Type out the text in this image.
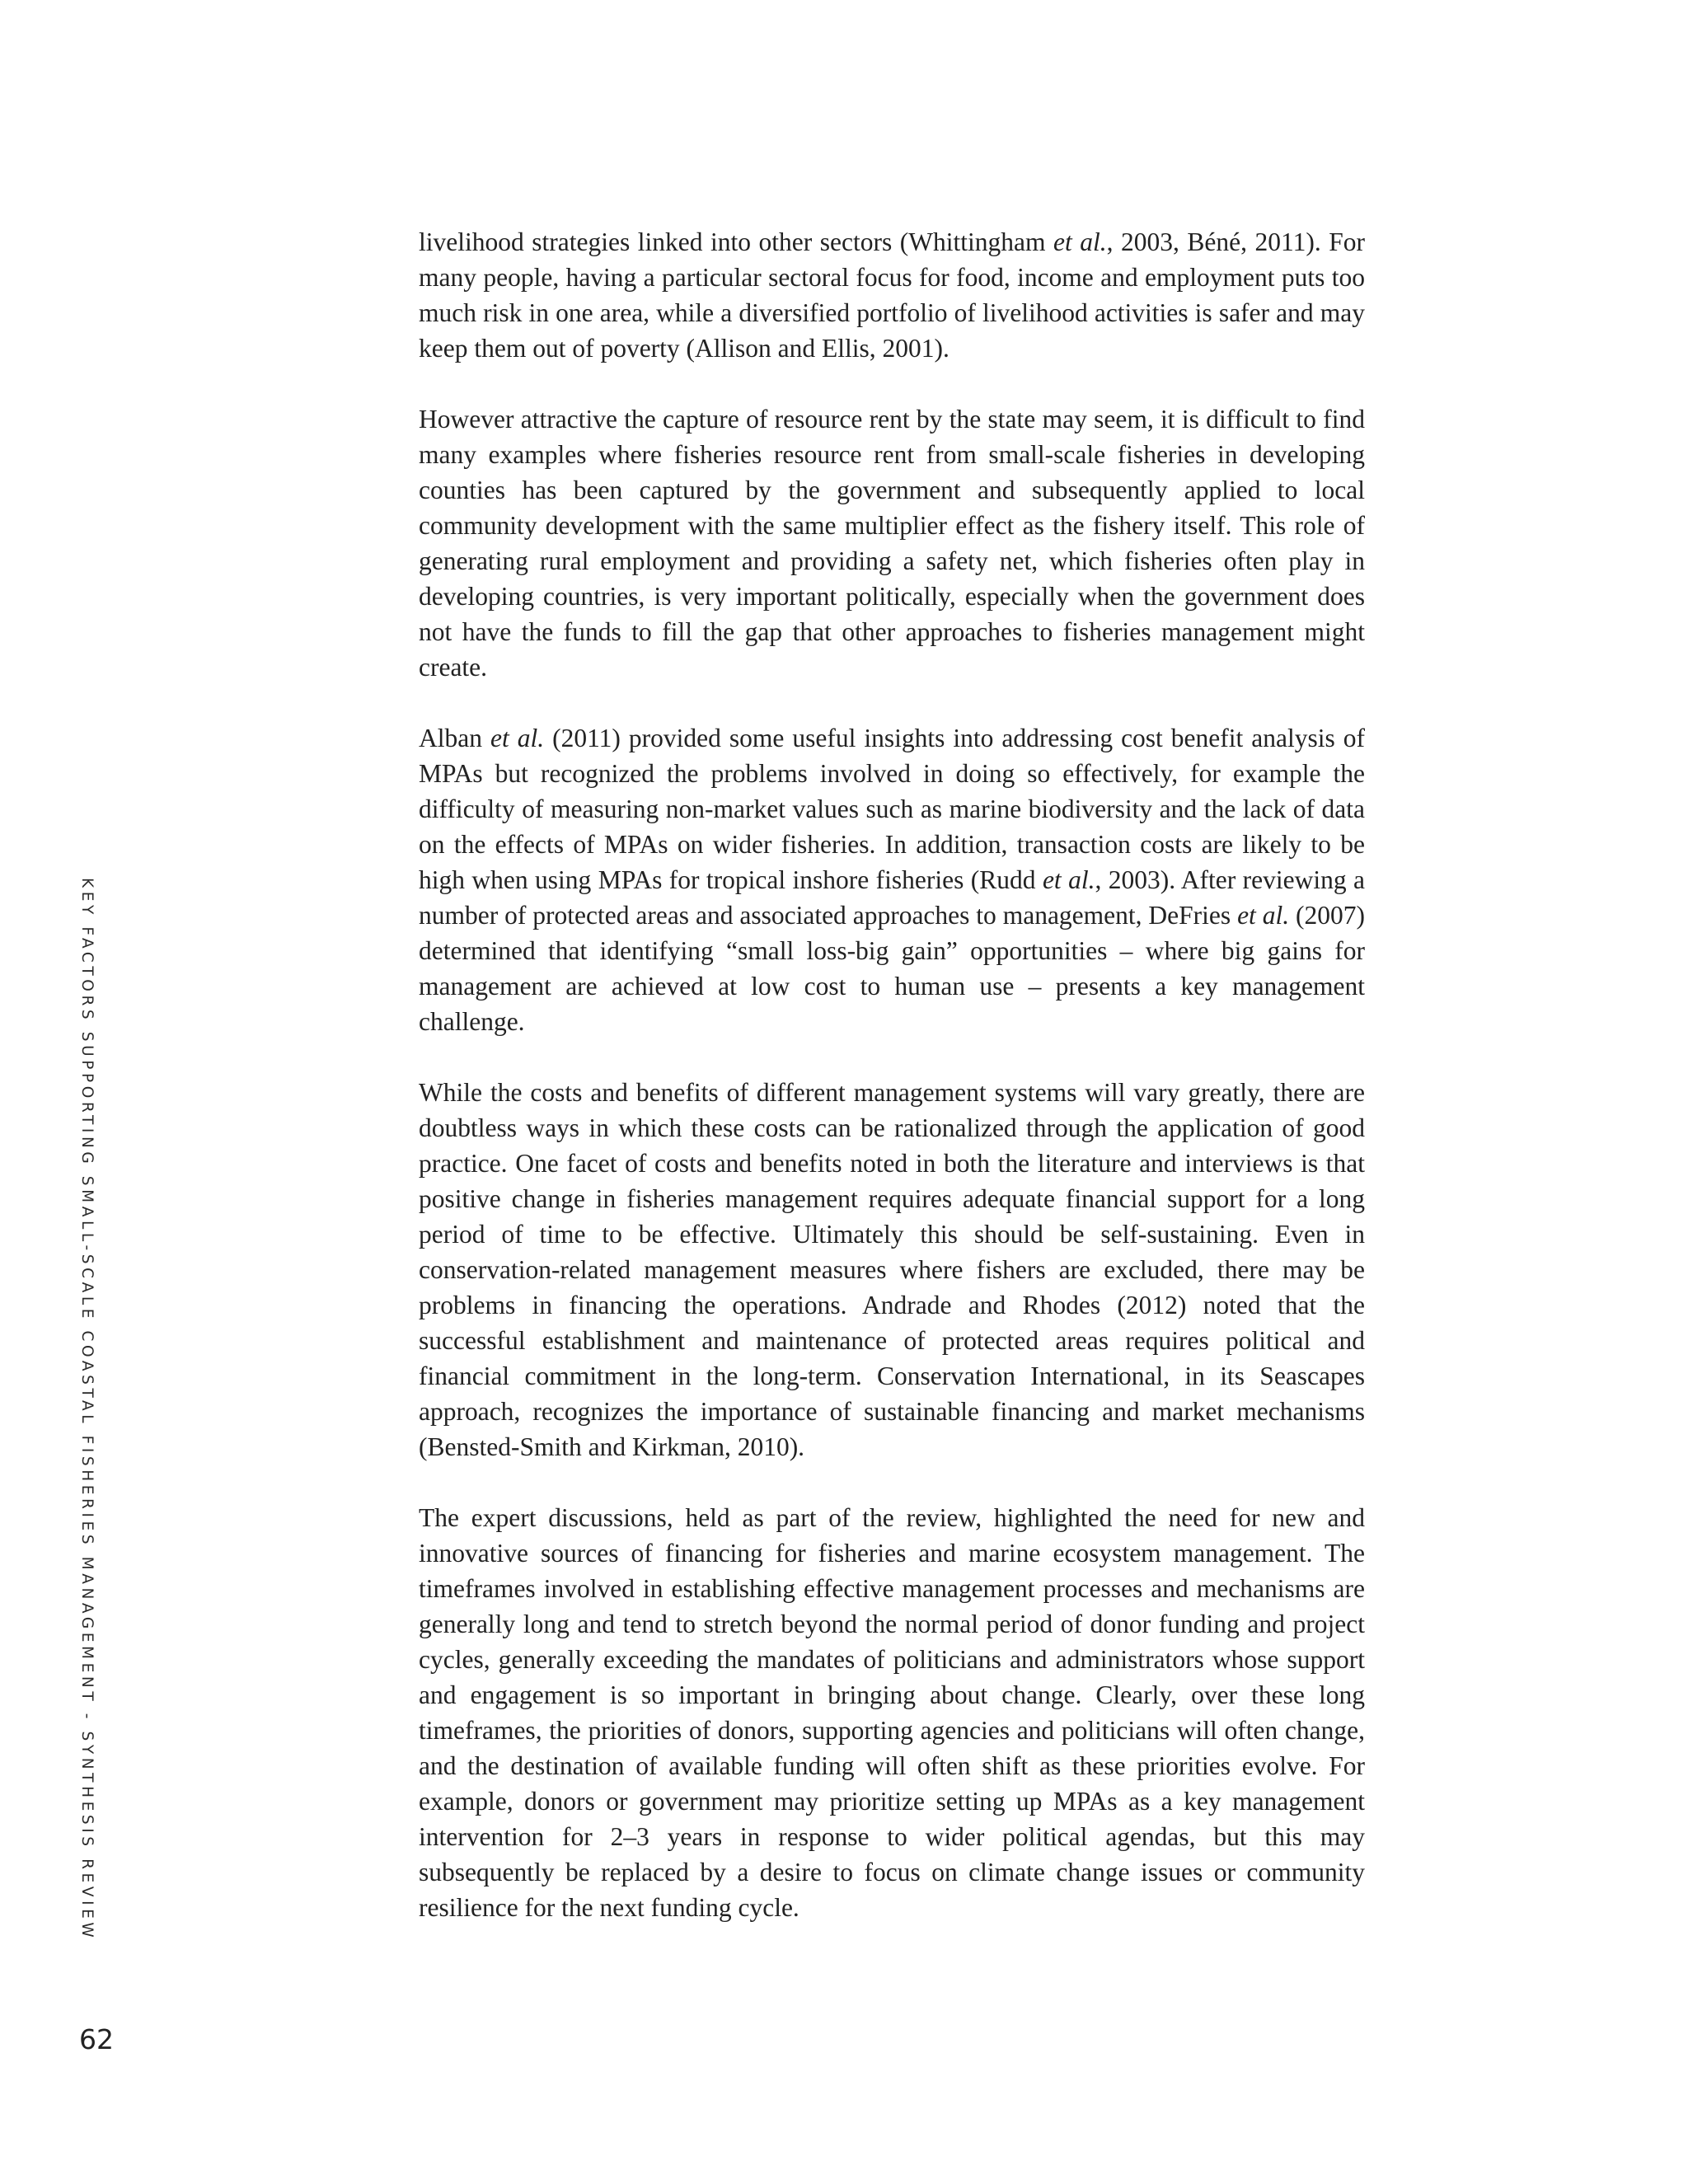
KEY FACTORS SUPPORTING SMALL-SCALE COASTAL FISHERIES MANAGEMENT - SYNTHESIS REVIEW

livelihood strategies linked into other sectors (Whittingham et al., 2003, Béné, 2011). For many people, having a particular sectoral focus for food, income and employment puts too much risk in one area, while a diversified portfolio of livelihood activities is safer and may keep them out of poverty (Allison and Ellis, 2001).

However attractive the capture of resource rent by the state may seem, it is difficult to find many examples where fisheries resource rent from small-scale fisheries in developing counties has been captured by the government and subsequently applied to local community development with the same multiplier effect as the fishery itself. This role of generating rural employment and providing a safety net, which fisheries often play in developing countries, is very important politically, especially when the government does not have the funds to fill the gap that other approaches to fisheries management might create.

Alban et al. (2011) provided some useful insights into addressing cost benefit analysis of MPAs but recognized the problems involved in doing so effectively, for example the difficulty of measuring non-market values such as marine biodiversity and the lack of data on the effects of MPAs on wider fisheries. In addition, transaction costs are likely to be high when using MPAs for tropical inshore fisheries (Rudd et al., 2003). After reviewing a number of protected areas and associated approaches to management, DeFries et al. (2007) determined that identifying “small loss-big gain” opportunities – where big gains for management are achieved at low cost to human use – presents a key management challenge.

While the costs and benefits of different management systems will vary greatly, there are doubtless ways in which these costs can be rationalized through the application of good practice. One facet of costs and benefits noted in both the literature and interviews is that positive change in fisheries management requires adequate financial support for a long period of time to be effective. Ultimately this should be self-sustaining. Even in conservation-related management measures where fishers are excluded, there may be problems in financing the operations. Andrade and Rhodes (2012) noted that the successful establishment and maintenance of protected areas requires political and financial commitment in the long-term. Conservation International, in its Seascapes approach, recognizes the importance of sustainable financing and market mechanisms (Bensted-Smith and Kirkman, 2010).

The expert discussions, held as part of the review, highlighted the need for new and innovative sources of financing for fisheries and marine ecosystem management. The timeframes involved in establishing effective management processes and mechanisms are generally long and tend to stretch beyond the normal period of donor funding and project cycles, generally exceeding the mandates of politicians and administrators whose support and engagement is so important in bringing about change. Clearly, over these long timeframes, the priorities of donors, supporting agencies and politicians will often change, and the destination of available funding will often shift as these priorities evolve. For example, donors or government may prioritize setting up MPAs as a key management intervention for 2–3 years in response to wider political agendas, but this may subsequently be replaced by a desire to focus on climate change issues or community resilience for the next funding cycle.

62
